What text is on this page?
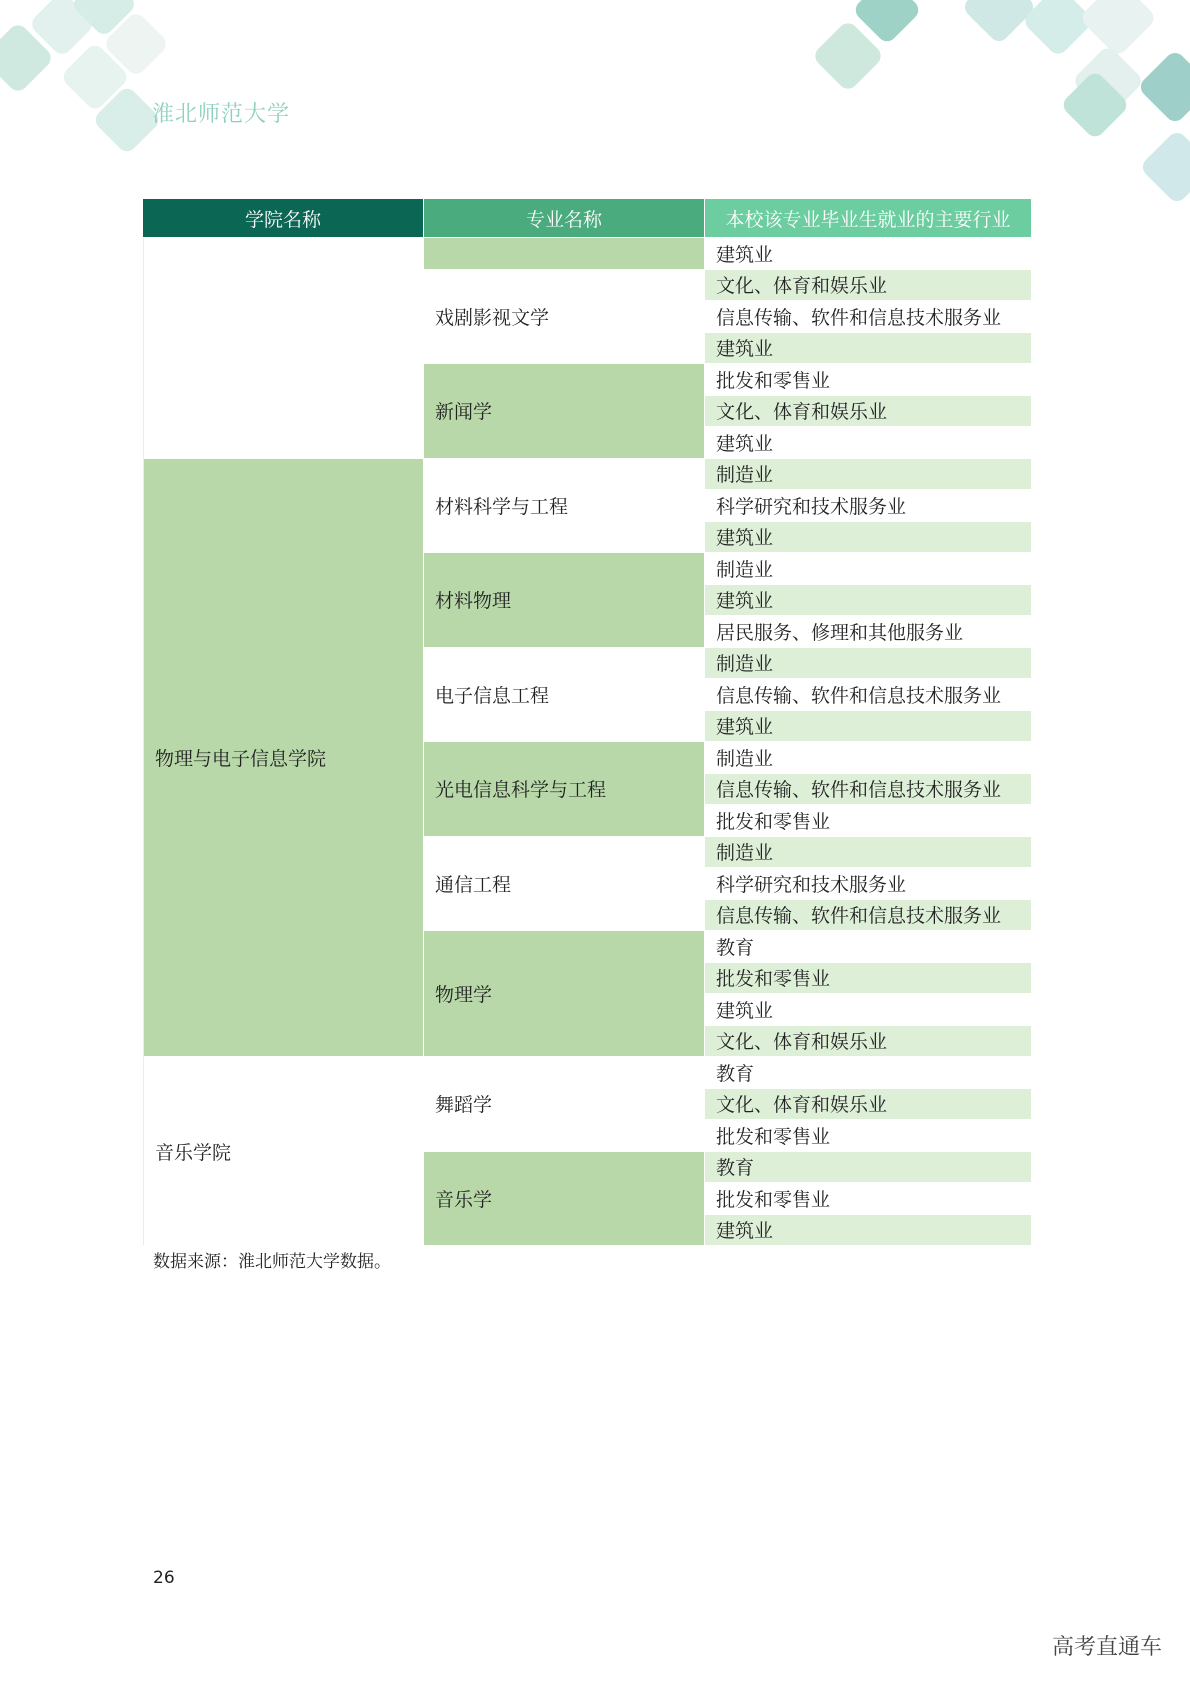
淮北师范大学
学院名称	专业名称	本校该专业毕业生就业的主要行业
建筑业
戏剧影视文学
文化、体育和娱乐业
信息传输、软件和信息技术服务业
建筑业
新闻学
批发和零售业
文化、体育和娱乐业
建筑业
物理与电子信息学院
材料科学与工程
制造业
科学研究和技术服务业
建筑业
材料物理
制造业
建筑业
居民服务、修理和其他服务业
电子信息工程
制造业
信息传输、软件和信息技术服务业
建筑业
光电信息科学与工程
制造业
信息传输、软件和信息技术服务业
批发和零售业
通信工程
制造业
科学研究和技术服务业
信息传输、软件和信息技术服务业
物理学
教育
批发和零售业
建筑业
文化、体育和娱乐业
音乐学院
舞蹈学
教育
文化、体育和娱乐业
批发和零售业
音乐学
教育
批发和零售业
建筑业
数据来源：淮北师范大学数据。
26
高考直通车
